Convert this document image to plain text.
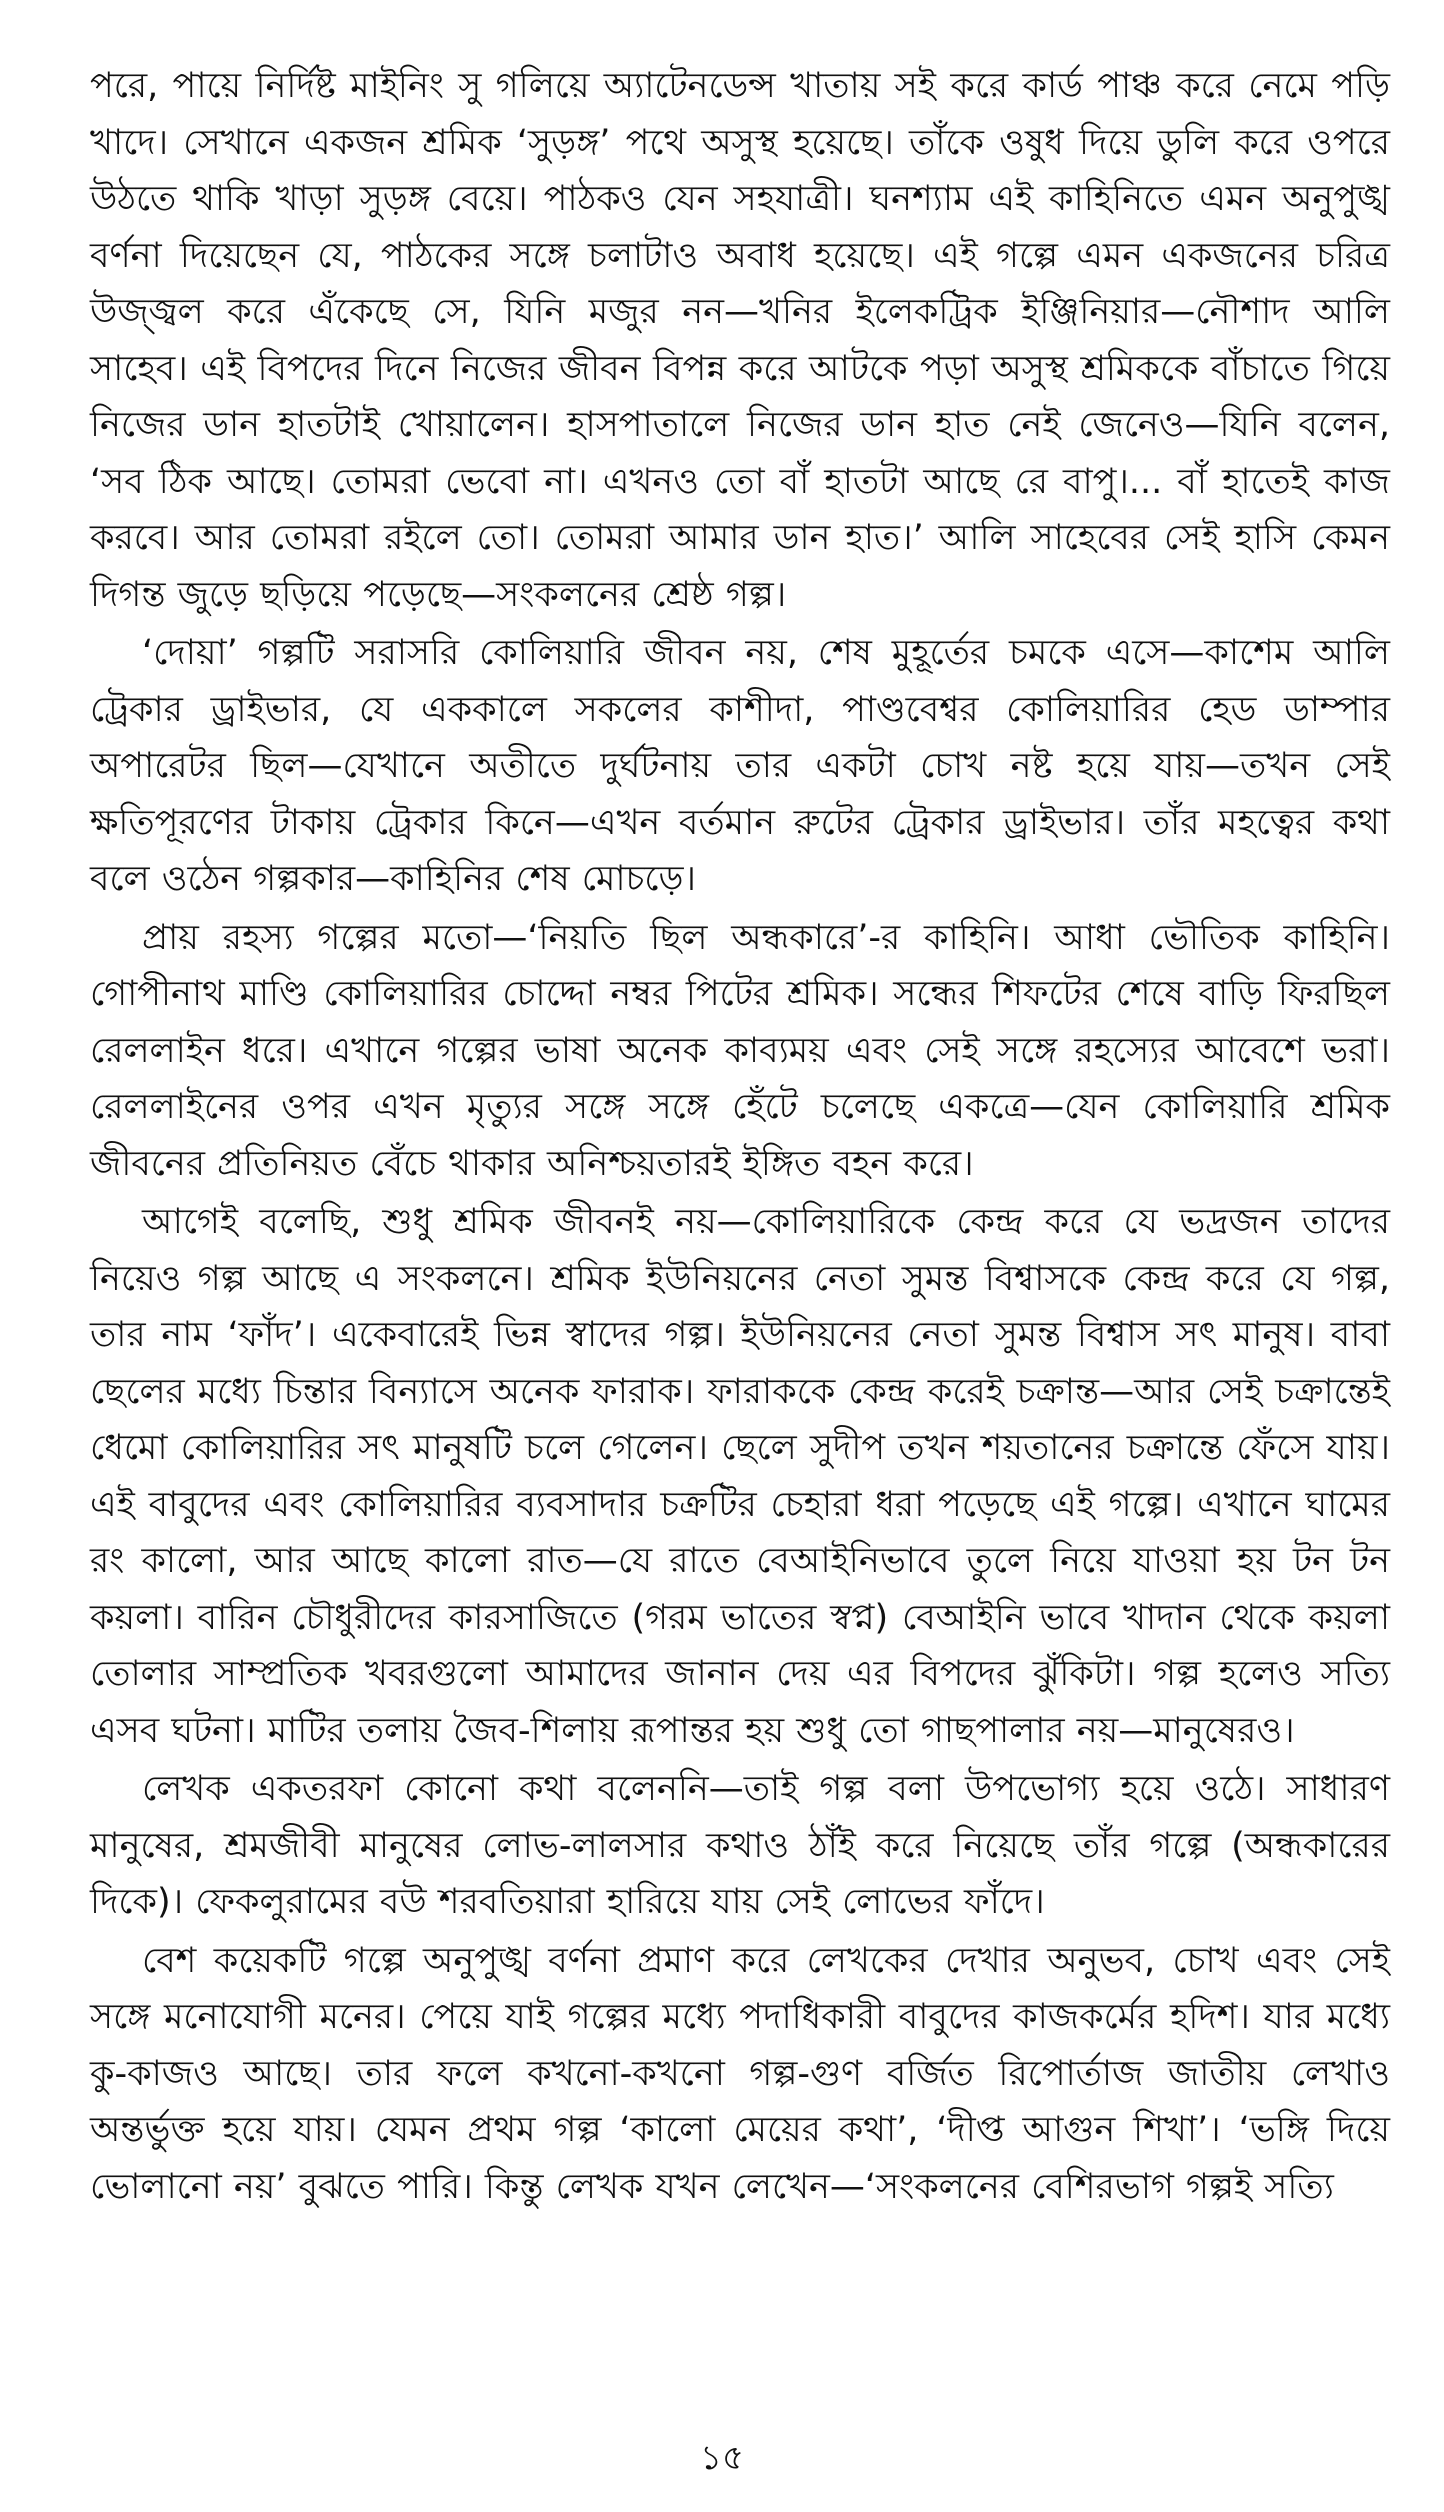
পরে, পায়ে নির্দিষ্ট মাইনিং সু গলিয়ে অ্যাটেনডেন্স খাতায় সই করে কার্ড পাঞ্চ করে নেমে পড়ি খাদে। সেখানে একজন শ্রমিক ‘সুড়ঙ্গ’ পথে অসুস্থ হয়েছে। তাঁকে ওষুধ দিয়ে ডুলি করে ওপরে উঠতে থাকি খাড়া সুড়ঙ্গ বেয়ে। পাঠকও যেন সহযাত্রী। ঘনশ্যাম এই কাহিনিতে এমন অনুপুঙ্খ বর্ণনা দিয়েছেন যে, পাঠকের সঙ্গে চলাটাও অবাধ হয়েছে। এই গল্পে এমন একজনের চরিত্র উজ্জ্বল করে এঁকেছে সে, যিনি মজুর নন—খনির ইলেকট্রিক ইঞ্জিনিয়ার—নৌশাদ আলি সাহেব। এই বিপদের দিনে নিজের জীবন বিপন্ন করে আটকে পড়া অসুস্থ শ্রমিককে বাঁচাতে গিয়ে নিজের ডান হাতটাই খোয়ালেন। হাসপাতালে নিজের ডান হাত নেই জেনেও—যিনি বলেন, ‘সব ঠিক আছে। তোমরা ভেবো না। এখনও তো বাঁ হাতটা আছে রে বাপু।... বাঁ হাতেই কাজ করবে। আর তোমরা রইলে তো। তোমরা আমার ডান হাত।’ আলি সাহেবের সেই হাসি কেমন দিগন্ত জুড়ে ছড়িয়ে পড়েছে—সংকলনের শ্রেষ্ঠ গল্প।

‘দোয়া’ গল্পটি সরাসরি কোলিয়ারি জীবন নয়, শেষ মুহূর্তের চমকে এসে—কাশেম আলি ট্রেকার ড্রাইভার, যে এককালে সকলের কাশীদা, পাণ্ডবেশ্বর কোলিয়ারির হেড ডাম্পার অপারেটর ছিল—যেখানে অতীতে দুর্ঘটনায় তার একটা চোখ নষ্ট হয়ে যায়—তখন সেই ক্ষতিপূরণের টাকায় ট্রেকার কিনে—এখন বর্তমান রুটের ট্রেকার ড্রাইভার। তাঁর মহত্বের কথা বলে ওঠেন গল্পকার—কাহিনির শেষ মোচড়ে।

প্রায় রহস্য গল্পের মতো—‘নিয়তি ছিল অন্ধকারে’-র কাহিনি। আধা ভৌতিক কাহিনি। গোপীনাথ মাণ্ডি কোলিয়ারির চোদ্দো নম্বর পিটের শ্রমিক। সন্ধের শিফটের শেষে বাড়ি ফিরছিল রেললাইন ধরে। এখানে গল্পের ভাষা অনেক কাব্যময় এবং সেই সঙ্গে রহস্যের আবেশে ভরা। রেললাইনের ওপর এখন মৃত্যুর সঙ্গে সঙ্গে হেঁটে চলেছে একত্রে—যেন কোলিয়ারি শ্রমিক জীবনের প্রতিনিয়ত বেঁচে থাকার অনিশ্চয়তারই ইঙ্গিত বহন করে।

আগেই বলেছি, শুধু শ্রমিক জীবনই নয়—কোলিয়ারিকে কেন্দ্র করে যে ভদ্রজন তাদের নিয়েও গল্প আছে এ সংকলনে। শ্রমিক ইউনিয়নের নেতা সুমন্ত বিশ্বাসকে কেন্দ্র করে যে গল্প, তার নাম ‘ফাঁদ’। একেবারেই ভিন্ন স্বাদের গল্প। ইউনিয়নের নেতা সুমন্ত বিশ্বাস সৎ মানুষ। বাবা ছেলের মধ্যে চিন্তার বিন্যাসে অনেক ফারাক। ফারাককে কেন্দ্র করেই চক্রান্ত—আর সেই চক্রান্তেই ধেমো কোলিয়ারির সৎ মানুষটি চলে গেলেন। ছেলে সুদীপ তখন শয়তানের চক্রান্তে ফেঁসে যায়। এই বাবুদের এবং কোলিয়ারির ব্যবসাদার চক্রটির চেহারা ধরা পড়েছে এই গল্পে। এখানে ঘামের রং কালো, আর আছে কালো রাত—যে রাতে বেআইনিভাবে তুলে নিয়ে যাওয়া হয় টন টন কয়লা। বারিন চৌধুরীদের কারসাজিতে (গরম ভাতের স্বপ্ন) বেআইনি ভাবে খাদান থেকে কয়লা তোলার সাম্প্রতিক খবরগুলো আমাদের জানান দেয় এর বিপদের ঝুঁকিটা। গল্প হলেও সত্যি এসব ঘটনা। মাটির তলায় জৈব-শিলায় রূপান্তর হয় শুধু তো গাছপালার নয়—মানুষেরও।

লেখক একতরফা কোনো কথা বলেননি—তাই গল্প বলা উপভোগ্য হয়ে ওঠে। সাধারণ মানুষের, শ্রমজীবী মানুষের লোভ-লালসার কথাও ঠাঁই করে নিয়েছে তাঁর গল্পে (অন্ধকারের দিকে)। ফেকলুরামের বউ শরবতিয়ারা হারিয়ে যায় সেই লোভের ফাঁদে।

বেশ কয়েকটি গল্পে অনুপুঙ্খ বর্ণনা প্রমাণ করে লেখকের দেখার অনুভব, চোখ এবং সেই সঙ্গে মনোযোগী মনের। পেয়ে যাই গল্পের মধ্যে পদাধিকারী বাবুদের কাজকর্মের হদিশ। যার মধ্যে কু-কাজও আছে। তার ফলে কখনো-কখনো গল্প-গুণ বর্জিত রিপোর্তাজ জাতীয় লেখাও অন্তর্ভুক্ত হয়ে যায়। যেমন প্রথম গল্প ‘কালো মেয়ের কথা’, ‘দীপ্ত আগুন শিখা’। ‘ভঙ্গি দিয়ে ভোলানো নয়’ বুঝতে পারি। কিন্তু লেখক যখন লেখেন—‘সংকলনের বেশিরভাগ গল্পই সত্যি

১৫
